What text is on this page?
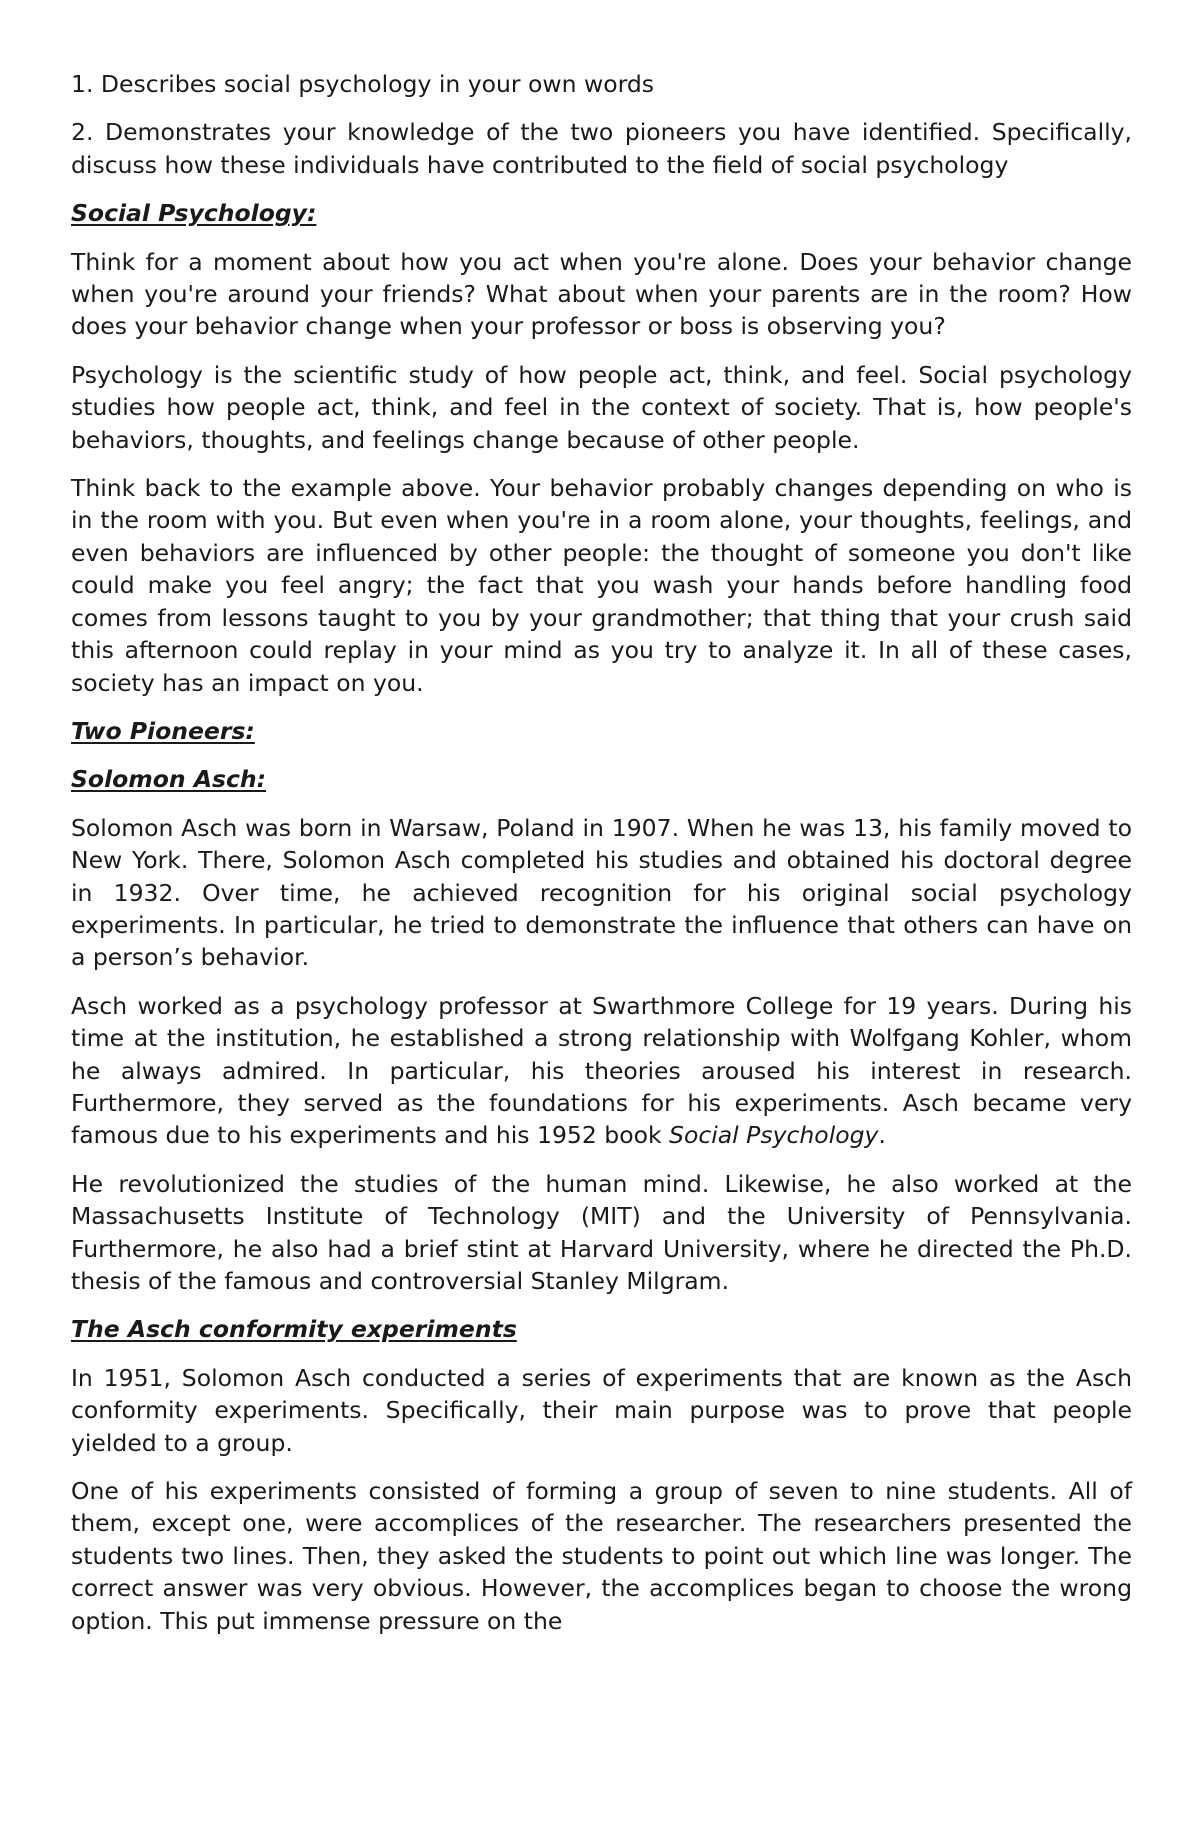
1. Describes social psychology in your own words

2. Demonstrates your knowledge of the two pioneers you have identified. Specifically, discuss how these individuals have contributed to the field of social psychology

Social Psychology:

Think for a moment about how you act when you're alone. Does your behavior change when you're around your friends? What about when your parents are in the room? How does your behavior change when your professor or boss is observing you?

Psychology is the scientific study of how people act, think, and feel. Social psychology studies how people act, think, and feel in the context of society. That is, how people's behaviors, thoughts, and feelings change because of other people.

Think back to the example above. Your behavior probably changes depending on who is in the room with you. But even when you're in a room alone, your thoughts, feelings, and even behaviors are influenced by other people: the thought of someone you don't like could make you feel angry; the fact that you wash your hands before handling food comes from lessons taught to you by your grandmother; that thing that your crush said this afternoon could replay in your mind as you try to analyze it. In all of these cases, society has an impact on you.

Two Pioneers:

Solomon Asch:

Solomon Asch was born in Warsaw, Poland in 1907. When he was 13, his family moved to New York. There, Solomon Asch completed his studies and obtained his doctoral degree in 1932. Over time, he achieved recognition for his original social psychology experiments. In particular, he tried to demonstrate the influence that others can have on a person’s behavior.

Asch worked as a psychology professor at Swarthmore College for 19 years. During his time at the institution, he established a strong relationship with Wolfgang Kohler, whom he always admired. In particular, his theories aroused his interest in research. Furthermore, they served as the foundations for his experiments. Asch became very famous due to his experiments and his 1952 book Social Psychology.

He revolutionized the studies of the human mind. Likewise, he also worked at the Massachusetts Institute of Technology (MIT) and the University of Pennsylvania. Furthermore, he also had a brief stint at Harvard University, where he directed the Ph.D. thesis of the famous and controversial Stanley Milgram.

The Asch conformity experiments

In 1951, Solomon Asch conducted a series of experiments that are known as the Asch conformity experiments. Specifically, their main purpose was to prove that people yielded to a group.

One of his experiments consisted of forming a group of seven to nine students. All of them, except one, were accomplices of the researcher. The researchers presented the students two lines. Then, they asked the students to point out which line was longer. The correct answer was very obvious. However, the accomplices began to choose the wrong option. This put immense pressure on the
